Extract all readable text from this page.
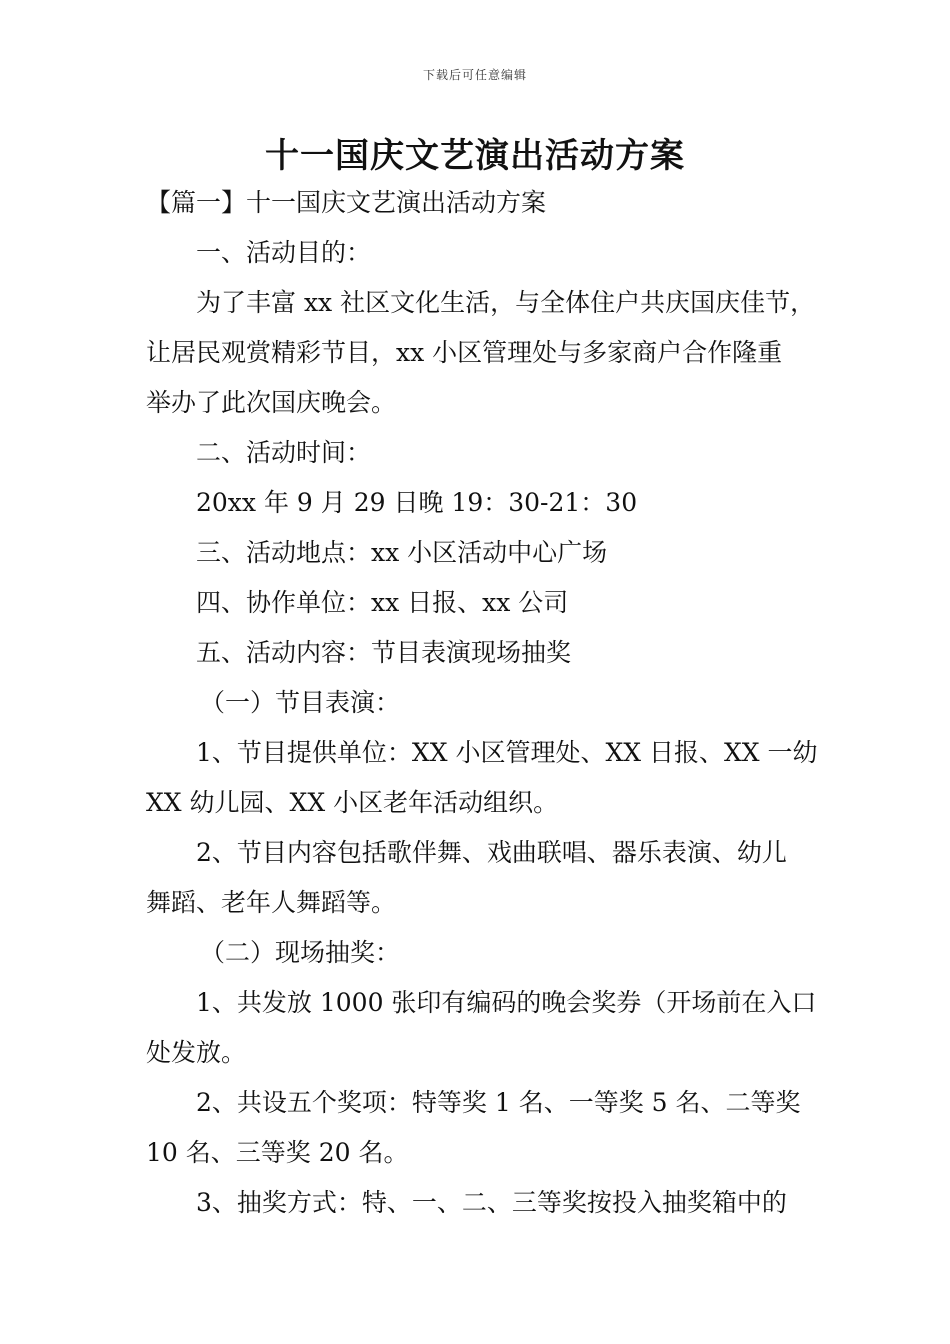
下载后可任意编辑
十一国庆文艺演出活动方案

【篇一】十一国庆文艺演出活动方案

一、活动目的：

为了丰富 xx 社区文化生活，与全体住户共庆国庆佳节，

让居民观赏精彩节目，xx 小区管理处与多家商户合作隆重

举办了此次国庆晚会。

二、活动时间：

20xx 年 9 月 29 日晚 19：30-21：30

三、活动地点：xx 小区活动中心广场

四、协作单位：xx 日报、xx 公司

五、活动内容：节目表演现场抽奖

（一）节目表演：

1、节目提供单位：XX 小区管理处、XX 日报、XX 一幼

XX 幼儿园、XX 小区老年活动组织。

2、节目内容包括歌伴舞、戏曲联唱、器乐表演、幼儿

舞蹈、老年人舞蹈等。

（二）现场抽奖：

1、共发放 1000 张印有编码的晚会奖券（开场前在入口

处发放。

2、共设五个奖项：特等奖 1 名、一等奖 5 名、二等奖

10 名、三等奖 20 名。

3、抽奖方式：特、一、二、三等奖按投入抽奖箱中的
